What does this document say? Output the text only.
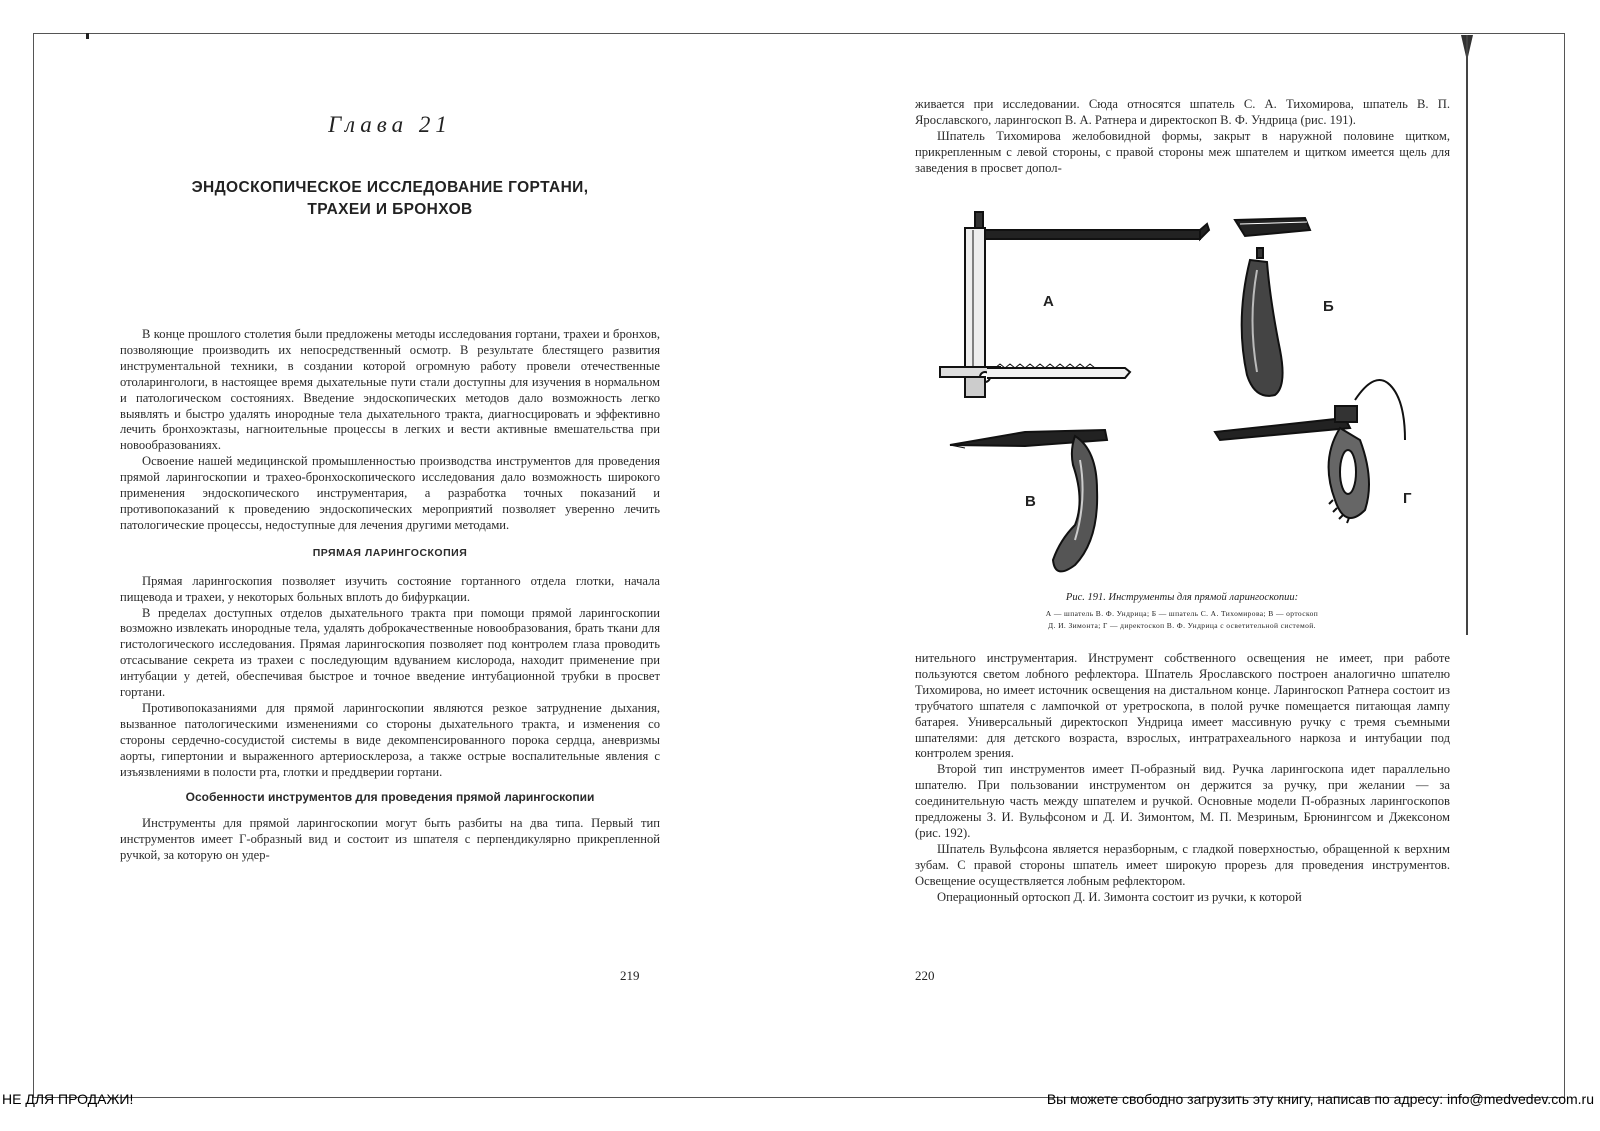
Глава 21
ЭНДОСКОПИЧЕСКОЕ ИССЛЕДОВАНИЕ ГОРТАНИ,
ТРАХЕИ И БРОНХОВ

В конце прошлого столетия были предложены методы исследования гортани, трахеи и бронхов, позволяющие производить их непосредственный осмотр. В результате блестящего развития инструментальной техники, в создании которой огромную работу провели отечественные отоларингологи, в настоящее время дыхательные пути стали доступны для изучения в нормальном и патологическом состояниях. Введение эндоскопических методов дало возможность легко выявлять и быстро удалять инородные тела дыхательного тракта, диагносцировать и эффективно лечить бронхоэктазы, нагноительные процессы в легких и вести активные вмешательства при новообразованиях.

Освоение нашей медицинской промышленностью производства инструментов для проведения прямой ларингоскопии и трахео-бронхоскопического исследования дало возможность широкого применения эндоскопического инструментария, а разработка точных показаний и противопоказаний к проведению эндоскопических мероприятий позволяет уверенно лечить патологические процессы, недоступные для лечения другими методами.

ПРЯМАЯ ЛАРИНГОСКОПИЯ

Прямая ларингоскопия позволяет изучить состояние гортанного отдела глотки, начала пищевода и трахеи, у некоторых больных вплоть до бифуркации.

В пределах доступных отделов дыхательного тракта при помощи прямой ларингоскопии возможно извлекать инородные тела, удалять доброкачественные новообразования, брать ткани для гистологического исследования. Прямая ларингоскопия позволяет под контролем глаза проводить отсасывание секрета из трахеи с последующим вдуванием кислорода, находит применение при интубации у детей, обеспечивая быстрое и точное введение интубационной трубки в просвет гортани.

Противопоказаниями для прямой ларингоскопии являются резкое затруднение дыхания, вызванное патологическими изменениями со стороны дыхательного тракта, и изменения со стороны сердечно-сосудистой системы в виде декомпенсированного порока сердца, аневризмы аорты, гипертонии и выраженного артериосклероза, а также острые воспалительные явления с изъязвлениями в полости рта, глотки и преддверии гортани.

Особенности инструментов для проведения прямой ларингоскопии

Инструменты для прямой ларингоскопии могут быть разбиты на два типа. Первый тип инструментов имеет Г-образный вид и состоит из шпателя с перпендикулярно прикрепленной ручкой, за которую он удер-

219

живается при исследовании. Сюда относятся шпатель С. А. Тихомирова, шпатель В. П. Ярославского, ларингоскоп В. А. Ратнера и директоскоп В. Ф. Ундрица (рис. 191).

Шпатель Тихомирова желобовидной формы, закрыт в наружной половине щитком, прикрепленным с левой стороны, с правой стороны меж шпателем и щитком имеется щель для заведения в просвет допол-

нительного инструментария. Инструмент собственного освещения не имеет, при работе пользуются светом лобного рефлектора. Шпатель Ярославского построен аналогично шпателю Тихомирова, но имеет источник освещения на дистальном конце. Ларингоскоп Ратнера состоит из трубчатого шпателя с лампочкой от уретроскопа, в полой ручке помещается питающая лампу батарея. Универсальный директоскоп Ундрица имеет массивную ручку с тремя съемными шпателями: для детского возраста, взрослых, интратрахеального наркоза и интубации под контролем зрения.

Второй тип инструментов имеет П-образный вид. Ручка ларингоскопа идет параллельно шпателю. При пользовании инструментом он держится за ручку, при желании — за соединительную часть между шпателем и ручкой. Основные модели П-образных ларингоскопов предложены З. И. Вульфсоном и Д. И. Зимонтом, М. П. Мезриным, Брюнингсом и Джексоном (рис. 192).

Шпатель Вульфсона является неразборным, с гладкой поверхностью, обращенной к верхним зубам. С правой стороны шпатель имеет широкую прорезь для проведения инструментов. Освещение осуществляется лобным рефлектором.

Операционный ортоскоп Д. И. Зимонта состоит из ручки, к которой

220
А	Б
В	Г
Рис. 191. Инструменты для прямой ларингоскопии:
А — шпатель В. Ф. Ундрица; Б — шпатель С. А. Тихомирова; В — ортоскоп
Д. И. Зимонта; Г — директоскоп В. Ф. Ундрица с осветительной системой.
НЕ ДЛЯ ПРОДАЖИ!	Вы можете свободно загрузить эту книгу, написав по адресу: info@medvedev.com.ru
